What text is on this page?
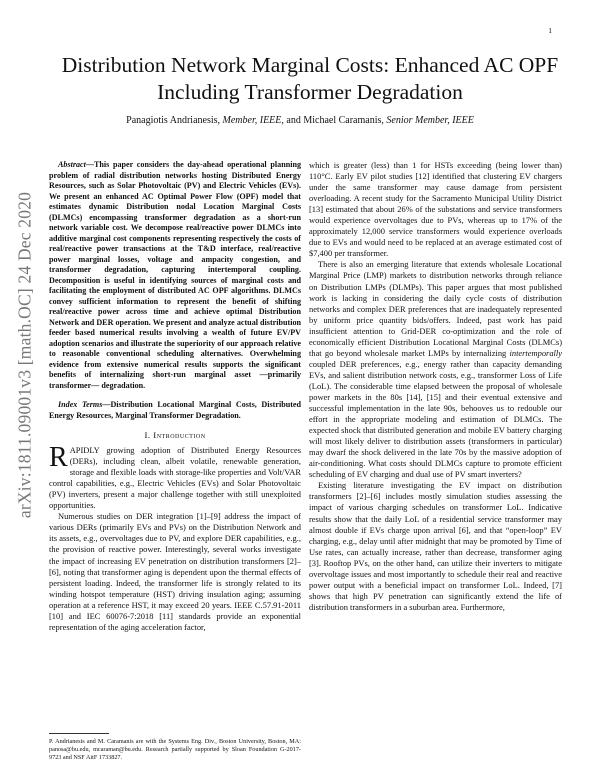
1
arXiv:1811.09001v3 [math.OC] 24 Dec 2020
Distribution Network Marginal Costs: Enhanced AC OPF Including Transformer Degradation
Panagiotis Andrianesis, Member, IEEE, and Michael Caramanis, Senior Member, IEEE

Abstract—This paper considers the day-ahead operational planning problem of radial distribution networks hosting Distributed Energy Resources, such as Solar Photovoltaic (PV) and Electric Vehicles (EVs). We present an enhanced AC Optimal Power Flow (OPF) model that estimates dynamic Distribution nodal Location Marginal Costs (DLMCs) encompassing transformer degradation as a short-run network variable cost. We decompose real/reactive power DLMCs into additive marginal cost components representing respectively the costs of real/reactive power transactions at the T&D interface, real/reactive power marginal losses, voltage and ampacity congestion, and transformer degradation, capturing intertemporal coupling. Decomposition is useful in identifying sources of marginal costs and facilitating the employment of distributed AC OPF algorithms. DLMCs convey sufficient information to represent the benefit of shifting real/reactive power across time and achieve optimal Distribution Network and DER operation. We present and analyze actual distribution feeder based numerical results involving a wealth of future EV/PV adoption scenarios and illustrate the superiority of our approach relative to reasonable conventional scheduling alternatives. Overwhelming evidence from extensive numerical results supports the significant benefits of internalizing short-run marginal asset —primarily transformer— degradation.

Index Terms—Distribution Locational Marginal Costs, Distributed Energy Resources, Marginal Transformer Degradation.

I. Introduction

RAPIDLY growing adoption of Distributed Energy Resources (DERs), including clean, albeit volatile, renewable generation, storage and flexible loads with storage-like properties and Volt/VAR control capabilities, e.g., Electric Vehicles (EVs) and Solar Photovoltaic (PV) inverters, present a major challenge together with still unexploited opportunities.

Numerous studies on DER integration [1]–[9] address the impact of various DERs (primarily EVs and PVs) on the Distribution Network and its assets, e.g., overvoltages due to PV, and explore DER capabilities, e.g., the provision of reactive power. Interestingly, several works investigate the impact of increasing EV penetration on distribution transformers [2]–[6], noting that transformer aging is dependent upon the thermal effects of persistent loading. Indeed, the transformer life is strongly related to its winding hotspot temperature (HST) driving insulation aging; assuming operation at a reference HST, it may exceed 20 years. IEEE C.57.91-2011 [10] and IEC 60076-7:2018 [11] standards provide an exponential representation of the aging acceleration factor,

P. Andrianesis and M. Caramanis are with the Systems Eng. Div., Boston University, Boston, MA: panosa@bu.edu, mcaraman@bu.edu. Research partially supported by Sloan Foundation G-2017-9723 and NSF AitF 1733827.

which is greater (less) than 1 for HSTs exceeding (being lower than) 110°C. Early EV pilot studies [12] identified that clustering EV chargers under the same transformer may cause damage from persistent overloading. A recent study for the Sacramento Municipal Utility District [13] estimated that about 26% of the substations and service transformers would experience overvoltages due to PVs, whereas up to 17% of the approximately 12,000 service transformers would experience overloads due to EVs and would need to be replaced at an average estimated cost of $7,400 per transformer.

There is also an emerging literature that extends wholesale Locational Marginal Price (LMP) markets to distribution networks through reliance on Distribution LMPs (DLMPs). This paper argues that most published work is lacking in considering the daily cycle costs of distribution networks and complex DER preferences that are inadequately represented by uniform price quantity bids/offers. Indeed, past work has paid insufficient attention to Grid-DER co-optimization and the role of economically efficient Distribution Locational Marginal Costs (DLMCs) that go beyond wholesale market LMPs by internalizing intertemporally coupled DER preferences, e.g., energy rather than capacity demanding EVs, and salient distribution network costs, e.g., transformer Loss of Life (LoL). The considerable time elapsed between the proposal of wholesale power markets in the 80s [14], [15] and their eventual extensive and successful implementation in the late 90s, behooves us to redouble our effort in the appropriate modeling and estimation of DLMCs. The expected shock that distributed generation and mobile EV battery charging will most likely deliver to distribution assets (transformers in particular) may dwarf the shock delivered in the late 70s by the massive adoption of air-conditioning. What costs should DLMCs capture to promote efficient scheduling of EV charging and dual use of PV smart inverters?

Existing literature investigating the EV impact on distribution transformers [2]–[6] includes mostly simulation studies assessing the impact of various charging schedules on transformer LoL. Indicative results show that the daily LoL of a residential service transformer may almost double if EVs charge upon arrival [6], and that “open-loop” EV charging, e.g., delay until after midnight that may be promoted by Time of Use rates, can actually increase, rather than decrease, transformer aging [3]. Rooftop PVs, on the other hand, can utilize their inverters to mitigate overvoltage issues and most importantly to schedule their real and reactive power output with a beneficial impact on transformer LoL. Indeed, [7] shows that high PV penetration can significantly extend the life of distribution transformers in a suburban area. Furthermore,
